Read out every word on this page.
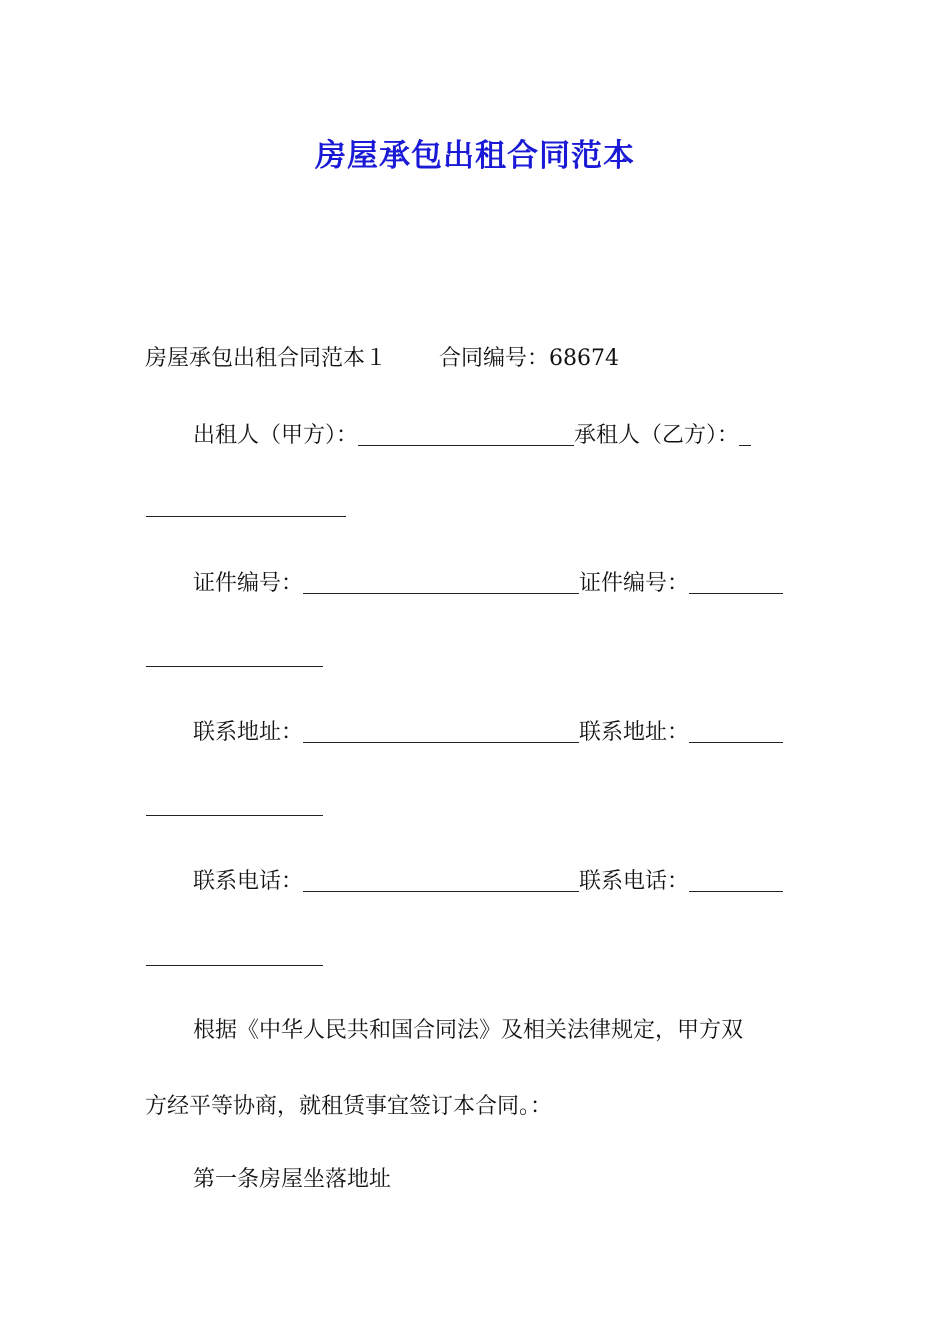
房屋承包出租合同范本
房屋承包出租合同范本１ 合同编号：68674
出租人（甲方）：	承租人（乙方）：
证件编号：	证件编号：
联系地址：	联系地址：
联系电话：	联系电话：
根据《中华人民共和国合同法》及相关法律规定，甲方双
方经平等协商，就租赁事宜签订本合同。：
第一条房屋坐落地址
